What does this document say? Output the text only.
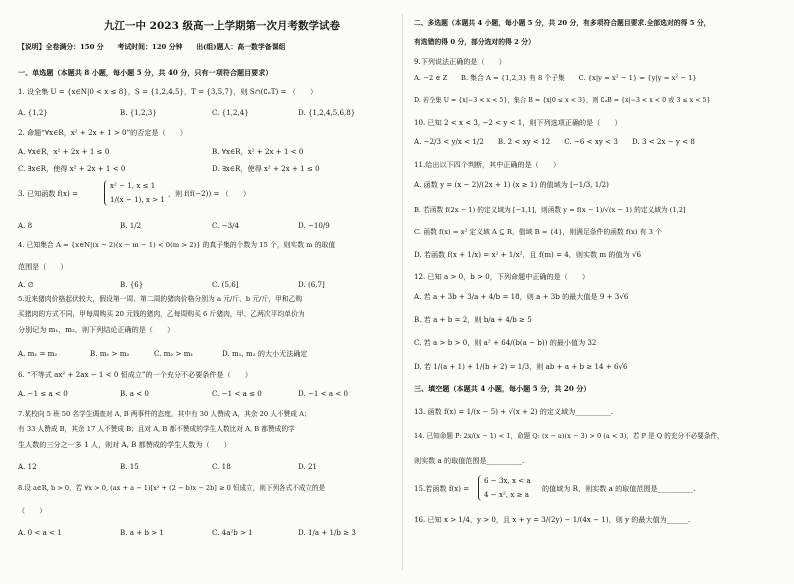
九江一中 2023 级高一上学期第一次月考数学试卷
【说明】全卷满分：150 分　　考试时间：120 分钟　　出(组)题人：高一数学备课组
一、单选题（本题共 8 小题，每小题 5 分，共 40 分，只有一项符合题目要求）
1. 设全集 U = {x∈N|0 < x ≤ 8}，S = {1,2,4,5}，T = {3,5,7}，则 S∩(∁ᵤT) = （　　）
A. {1,2}	B. {1,2,3}	C. {1,2,4}	D. {1,2,4,5,6,8}
2. 命题“∀x∈R，x² + 2x + 1 > 0”的否定是（　　）
A. ∀x∈R，x² + 2x + 1 ≤ 0	B. ∀x∈R，x² + 2x + 1 < 0
C. ∃x∈R，使得 x² + 2x + 1 < 0	D. ∃x∈R，使得 x² + 2x + 1 ≤ 0
3. 已知函数 f(x) =
x² − 1, x ≤ 1
1/(x − 1), x > 1
，则 f(f(−2)) = （　　）
A. 8	B. 1/2	C. −3/4	D. −10/9
4. 已知集合 A = {x∈N|(x − 2)(x − m − 1) < 0(m > 2)} 的真子集的个数为 15 个，则实数 m 的取值
范围是（　　）
A. ∅	B. {6}	C. (5,6]	D. (6,7]
5.近来猪肉价格起伏较大，假设第一周、第二周的猪肉价格分别为 a 元/斤、b 元/斤，甲和乙购
买猪肉的方式不同，甲每周购买 20 元钱的猪肉，乙每周购买 6 斤猪肉，甲、乙两次平均单价为
分别记为 m₁，m₂，则下列结论正确的是（　　）
A. m₁ = m₂	B. m₁ > m₂	C. m₂ > m₁	D. m₁, m₂ 的大小无法确定
6. “不等式 ax² + 2ax − 1 < 0 恒成立”的一个充分不必要条件是（　　）
A. −1 ≤ a < 0	B. a < 0	C. −1 < a ≤ 0	D. −1 < a < 0
7.某校向 5 班 50 名学生调查对 A, B 两事件的态度，其中有 30 人赞成 A，其余 20 人不赞成 A；
有 33 人赞成 B，其余 17 人不赞成 B；且对 A, B 都不赞成的学生人数比对 A, B 都赞成的学
生人数的三分之一多 1 人，则对 A, B 都赞成的学生人数为（　　）
A. 12	B. 15	C. 18	D. 21
8.设 a∈R, b > 0，若 ∀x > 0, (ax + a − 1)[x² + (2 − b)x − 2b] ≥ 0 恒成立，则下列各式不成立的是
（　　）
A. 0 < a < 1	B. a + b > 1	C. 4a²b > 1	D. 1/a + 1/b ≥ 3
二、多选题（本题共 4 小题，每小题 5 分，共 20 分，有多项符合题目要求.全部选对的得 5 分，
有选错的得 0 分，部分选对的得 2 分）
9.下列说法正确的是（　　）
A. −2 ∈ Z　　B. 集合 A = {1,2,3} 有 8 个子集　　C. {x|y = x² − 1} = {y|y = x² − 1}
D. 若全集 U = {x|−3 < x < 5}，集合 B = {x|0 ≤ x < 3}，则 ∁ᵤB = {x|−3 < x < 0 或 3 ≤ x < 5}
10. 已知 2 < x < 3, −2 < y < 1，则下列选项正确的是（　　）
A. −2/3 < y/x < 1/2　　B. 2 < xy < 12　　C. −6 < xy < 3　　D. 3 < 2x − y < 8
11.给出以下四个判断，其中正确的是（　　）
A. 函数 y = (x − 2)/(2x + 1) (x ≥ 1) 的值域为 [−1/3, 1/2)
B. 若函数 f(2x − 1) 的定义域为 [−1,1]，则函数 y = f(x − 1)/√(x − 1) 的定义域为 (1,2]
C. 函数 f(x) = x² 定义域 A ⊆ R，值域 B = {4}，则满足条件的函数 f(x) 有 3 个
D. 若函数 f(x + 1/x) = x² + 1/x²，且 f(m) = 4，则实数 m 的值为 √6
12. 已知 a > 0，b > 0，下列命题中正确的是（　　）
A. 若 a + 3b + 3/a + 4/b = 18，则 a + 3b 的最大值是 9 + 3√6
B. 若 a + b = 2，则 b/a + 4/b ≥ 5
C. 若 a > b > 0，则 a² + 64/(b(a − b)) 的最小值为 32
D. 若 1/(a + 1) + 1/(b + 2) = 1/3，则 ab + a + b ≥ 14 + 6√6
三、填空题（本题共 4 小题，每小题 5 分，共 20 分）
13. 函数 f(x) = 1/(x − 5) + √(x + 2) 的定义域为__________.
14. 已知命题 P: 2x/(x − 1) < 1，命题 Q: (x − a)(x − 3) > 0 (a < 3)，若 P 是 Q 的充分不必要条件，
则实数 a 的取值范围是__________.
15.若函数 f(x) =
6 − 3x, x < a
4 − x², x ≥ a
的值域为 R，则实数 a 的取值范围是__________.
16. 已知 x > 1/4，y > 0，且 x + y = 3/(2y) − 1/(4x − 1)，则 y 的最大值为______.
